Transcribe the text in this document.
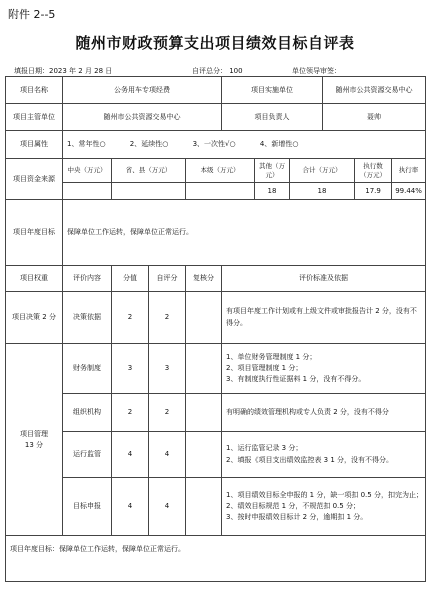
附件 2--5
随州市财政预算支出项目绩效目标自评表
填报日期：2023 年 2 月 28 日	自评总分： 100	单位领导审签：
项目名称	公务用车专项经费				项目实施单位			随州市公共资源交易中心		
项目主管单位	随州市公共资源交易中心				项目负责人			聂帅		
项目属性	1、常年性○ 2、延续性○ 3、一次性√○ 4、新增性○									
项目资金来源	中央（万元）	省、县（万元）		本级（万元）		其他（万元）	合计（万元）		执行数（万元）	执行率
						18	18		17.9	99.44%
项目年度目标	保障单位工作运转，保障单位正常运行。									
项目权重	评价内容	分值	自评分	复核分	评价标准及依据					
项目决策 2 分	决策依据	2	2		有项目年度工作计划或有上级文件或审批报告计 2 分，没有不得分。					
项目管理 13 分	财务制度	3	3		1、单位财务管理制度 1 分；
2、项目管理制度 1 分；
3、有制度执行性证据料 1 分，没有不得分。					

	组织机构	2	2		有明确的绩效管理机构或专人负责 2 分，没有不得分					

	运行监管	4	4		1、运行监管记录 3 分；
2、填报《项目支出绩效监控表 3 1 分，没有不得分。					

	目标申报	4	4		1、项目绩效目标全申报的 1 分，缺一项扣 0.5 分，扣完为止；
2、绩效目标规范 1 分，不规范扣 0.5 分；
3、按时申报绩效目标计 2 分，逾期扣 1 分。					

项目年度目标：保障单位工作运转，保障单位正常运行。										
